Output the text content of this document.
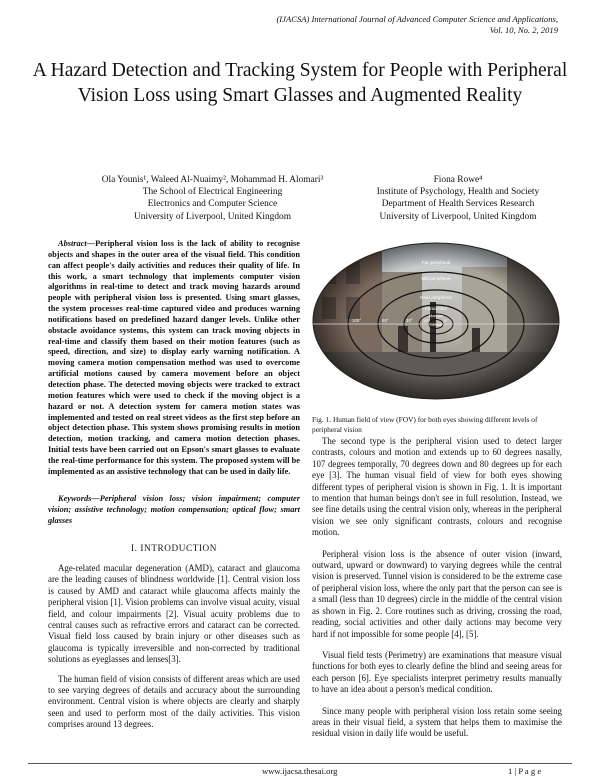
(IJACSA) International Journal of Advanced Computer Science and Applications,
Vol. 10, No. 2, 2019
A Hazard Detection and Tracking System for People with Peripheral Vision Loss using Smart Glasses and Augmented Reality
Ola Younis¹, Waleed Al-Nuaimy², Mohammad H. Alomari³
The School of Electrical Engineering
Electronics and Computer Science
University of Liverpool, United Kingdom
Fiona Rowe⁴
Institute of Psychology, Health and Society
Department of Health Services Research
University of Liverpool, United Kingdom
Abstract—Peripheral vision loss is the lack of ability to recognise objects and shapes in the outer area of the visual field. This condition can affect people's daily activities and reduces their quality of life. In this work, a smart technology that implements computer vision algorithms in real-time to detect and track moving hazards around people with peripheral vision loss is presented. Using smart glasses, the system processes real-time captured video and produces warning notifications based on predefined hazard danger levels. Unlike other obstacle avoidance systems, this system can track moving objects in real-time and classify them based on their motion features (such as speed, direction, and size) to display early warning notification. A moving camera motion compensation method was used to overcome artificial motions caused by camera movement before an object detection phase. The detected moving objects were tracked to extract motion features which were used to check if the moving object is a hazard or not. A detection system for camera motion states was implemented and tested on real street videos as the first step before an object detection phase. This system shows promising results in motion detection, motion tracking, and camera motion detection phases. Initial tests have been carried out on Epson's smart glasses to evaluate the real-time performance for this system. The proposed system will be implemented as an assistive technology that can be used in daily life.
Keywords—Peripheral vision loss; vision impairment; computer vision; assistive technology; motion compensation; optical flow; smart glasses
I. INTRODUCTION

Age-related macular degeneration (AMD), cataract and glaucoma are the leading causes of blindness worldwide [1]. Central vision loss is caused by AMD and cataract while glaucoma affects mainly the peripheral vision [1]. Vision problems can involve visual acuity, visual field, and colour impairments [2]. Visual acuity problems due to central causes such as refractive errors and cataract can be corrected. Visual field loss caused by brain injury or other diseases such as glaucoma is typically irreversible and non-corrected by traditional solutions as eyeglasses and lenses[3].

The human field of vision consists of different areas which are used to see varying degrees of details and accuracy about the surrounding environment. Central vision is where objects are clearly and sharply seen and used to perform most of the daily activities. This vision comprises around 13 degrees.

Far peripheral
Mid peripheral
Near peripheral
Paracentral
Macular
Central
100°	60°	30°	10°	5°
Fig. 1. Human field of view (FOV) for both eyes showing different levels of peripheral vision

The second type is the peripheral vision used to detect larger contrasts, colours and motion and extends up to 60 degrees nasally, 107 degrees temporally, 70 degrees down and 80 degrees up for each eye [3]. The human visual field of view for both eyes showing different types of peripheral vision is shown in Fig. 1. It is important to mention that human beings don't see in full resolution. Instead, we see fine details using the central vision only, whereas in the peripheral vision we see only significant contrasts, colours and recognise motion.

Peripheral vision loss is the absence of outer vision (inward, outward, upward or downward) to varying degrees while the central vision is preserved. Tunnel vision is considered to be the extreme case of peripheral vision loss, where the only part that the person can see is a small (less than 10 degrees) circle in the middle of the central vision as shown in Fig. 2. Core routines such as driving, crossing the road, reading, social activities and other daily actions may become very hard if not impossible for some people [4], [5].

Visual field tests (Perimetry) are examinations that measure visual functions for both eyes to clearly define the blind and seeing areas for each person [6]. Eye specialists interpret perimetry results manually to have an idea about a person's medical condition.

Since many people with peripheral vision loss retain some seeing areas in their visual field, a system that helps them to maximise the residual vision in daily life would be useful.

www.ijacsa.thesai.org	1 | P a g e
